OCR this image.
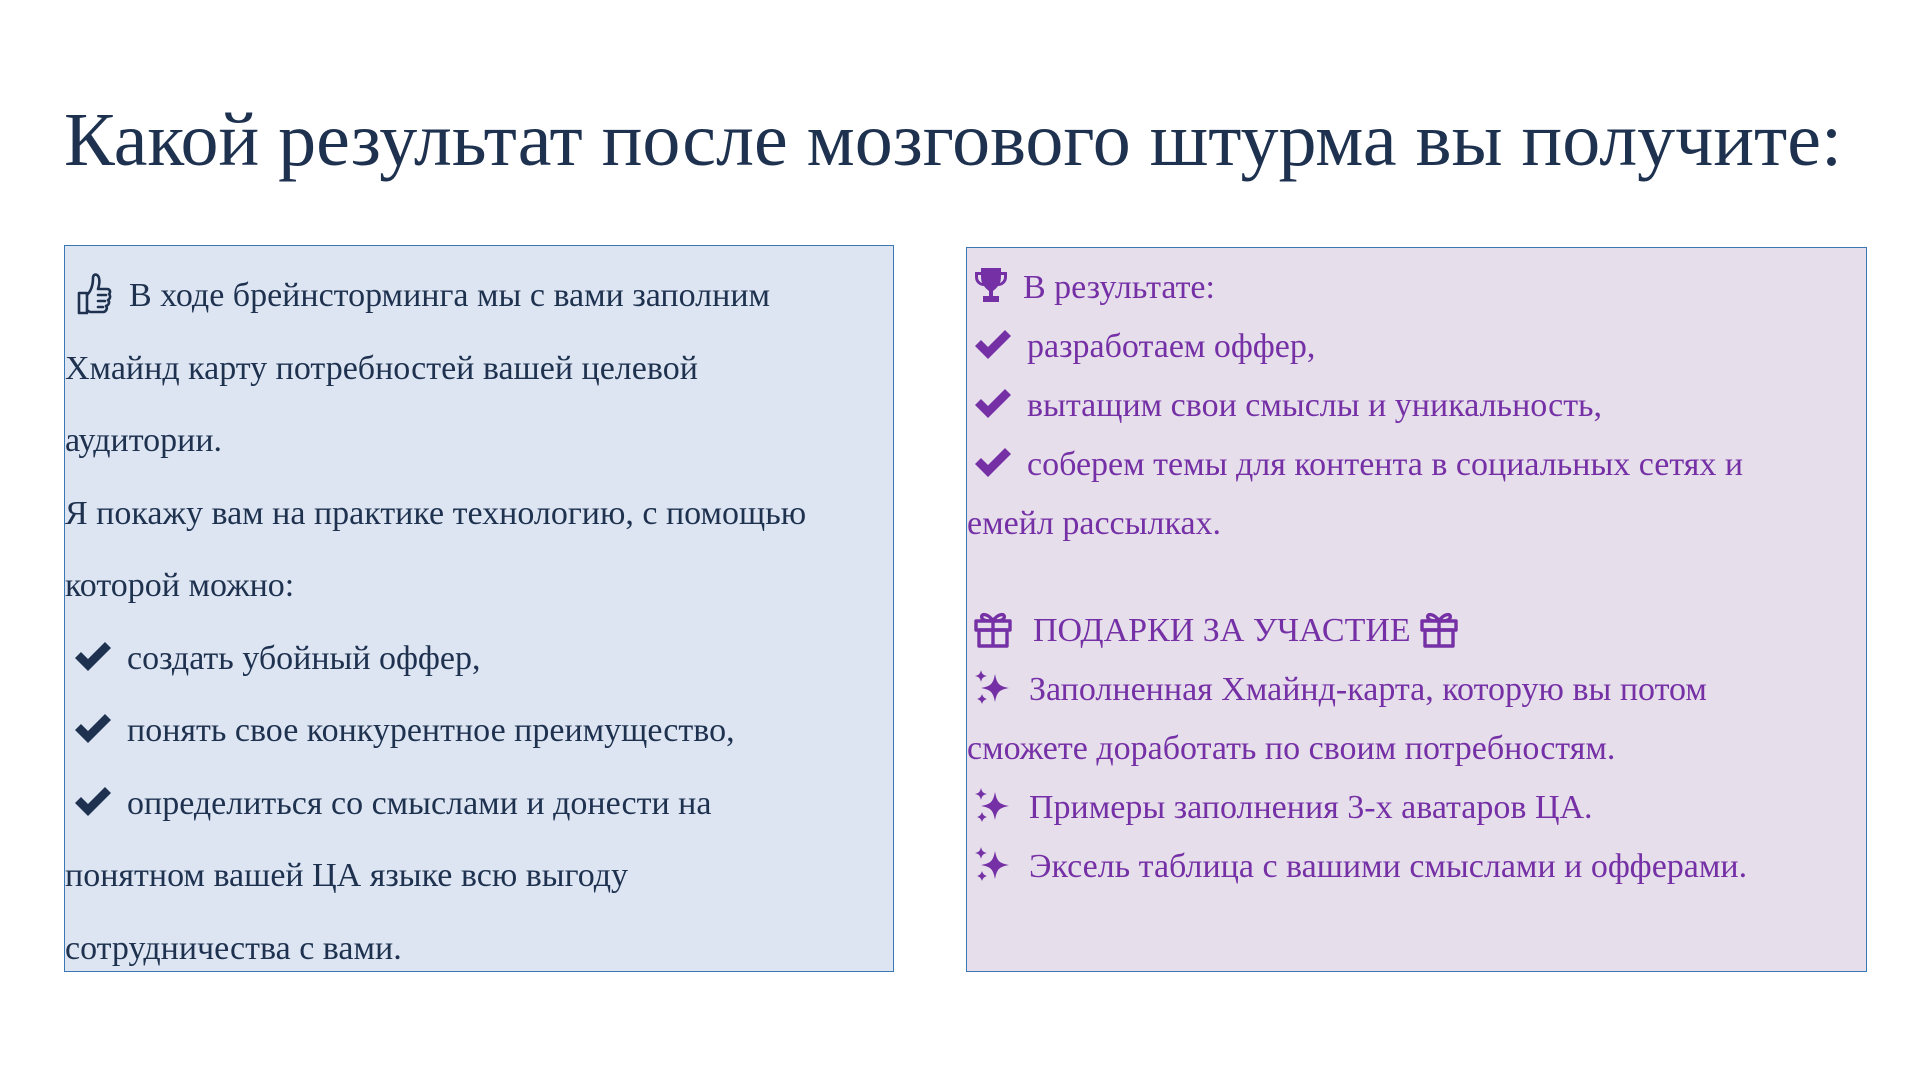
Какой результат после мозгового штурма вы получите:
В ходе брейнсторминга мы с вами заполним
Хмайнд карту потребностей вашей целевой
аудитории.
Я покажу вам на практике технологию, с помощью
которой можно:
создать убойный оффер,
понять свое конкурентное преимущество,
определиться со смыслами и донести на
понятном вашей ЦА языке всю выгоду
сотрудничества с вами.
В результате:
разработаем оффер,
вытащим свои смыслы и уникальность,
соберем темы для контента в социальных сетях и
емейл рассылках.
ПОДАРКИ ЗА УЧАСТИЕ
Заполненная Хмайнд-карта, которую вы потом
сможете доработать по своим потребностям.
Примеры заполнения 3-х аватаров ЦА.
Эксель таблица с вашими смыслами и офферами.
